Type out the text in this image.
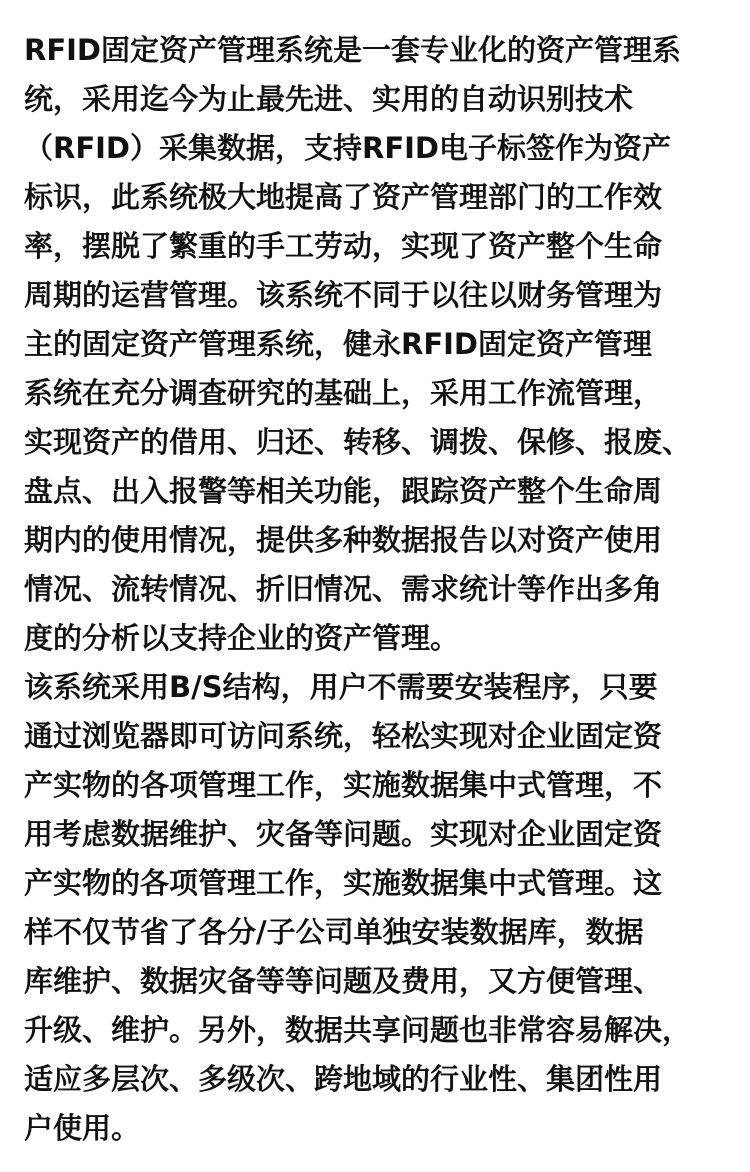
RFID固定资产管理系统是一套专业化的资产管理系
统，采用迄今为止最先进、实用的自动识别技术
（RFID）采集数据，支持RFID电子标签作为资产
标识，此系统极大地提高了资产管理部门的工作效
率，摆脱了繁重的手工劳动，实现了资产整个生命
周期的运营管理。该系统不同于以往以财务管理为
主的固定资产管理系统，健永RFID固定资产管理
系统在充分调查研究的基础上，采用工作流管理，
实现资产的借用、归还、转移、调拨、保修、报废、
盘点、出入报警等相关功能，跟踪资产整个生命周
期内的使用情况，提供多种数据报告以对资产使用
情况、流转情况、折旧情况、需求统计等作出多角
度的分析以支持企业的资产管理。
该系统采用B/S结构，用户不需要安装程序，只要
通过浏览器即可访问系统，轻松实现对企业固定资
产实物的各项管理工作，实施数据集中式管理，不
用考虑数据维护、灾备等问题。实现对企业固定资
产实物的各项管理工作，实施数据集中式管理。这
样不仅节省了各分/子公司单独安装数据库，数据
库维护、数据灾备等等问题及费用，又方便管理、
升级、维护。另外，数据共享问题也非常容易解决，
适应多层次、多级次、跨地域的行业性、集团性用
户使用。
